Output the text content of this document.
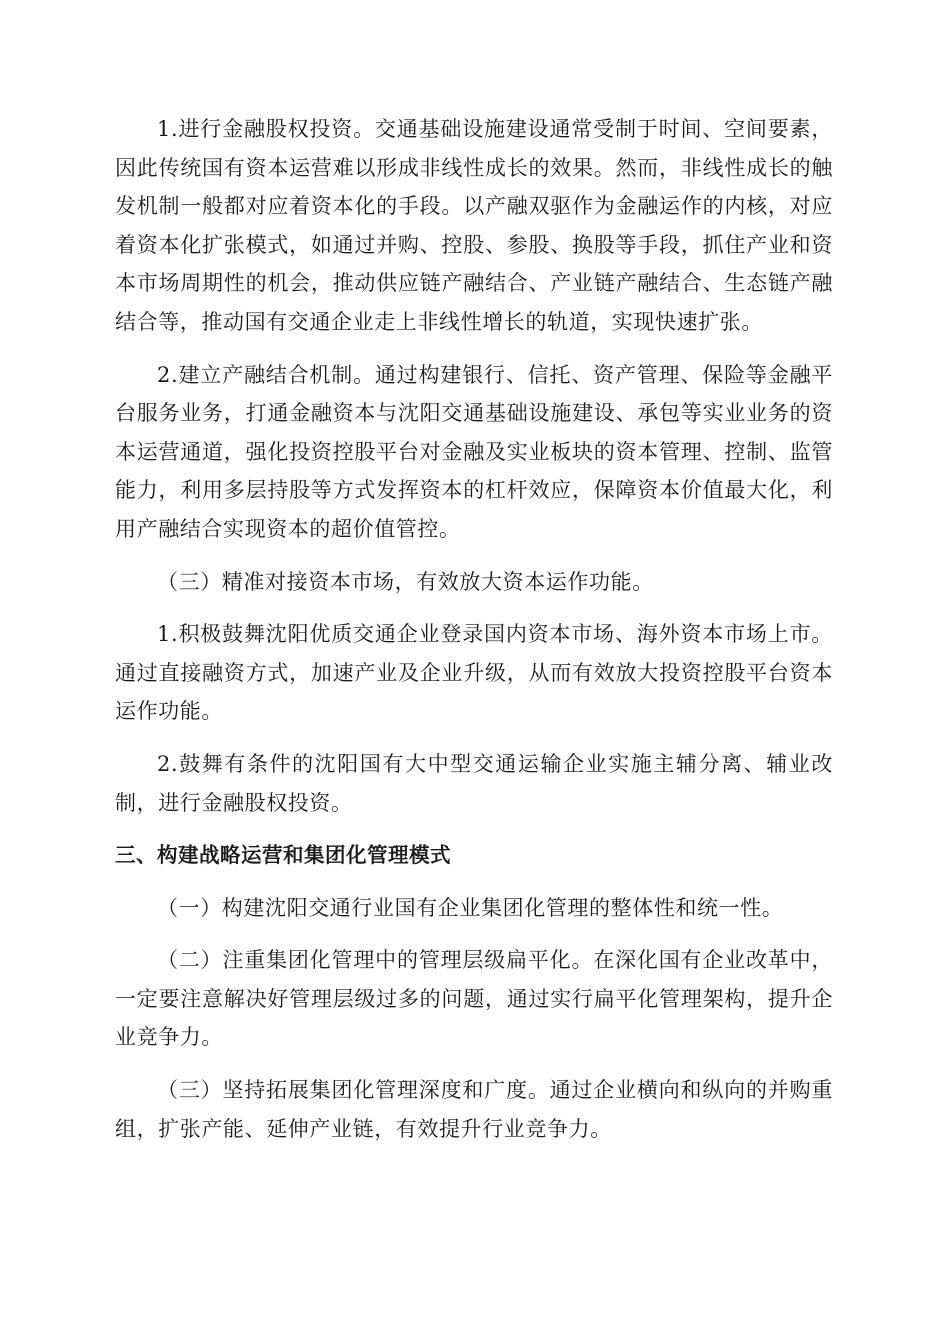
1.进行金融股权投资。交通基础设施建设通常受制于时间、空间要素，因此传统国有资本运营难以形成非线性成长的效果。然而，非线性成长的触发机制一般都对应着资本化的手段。以产融双驱作为金融运作的内核，对应着资本化扩张模式，如通过并购、控股、参股、换股等手段，抓住产业和资本市场周期性的机会，推动供应链产融结合、产业链产融结合、生态链产融结合等，推动国有交通企业走上非线性增长的轨道，实现快速扩张。

2.建立产融结合机制。通过构建银行、信托、资产管理、保险等金融平台服务业务，打通金融资本与沈阳交通基础设施建设、承包等实业业务的资本运营通道，强化投资控股平台对金融及实业板块的资本管理、控制、监管能力，利用多层持股等方式发挥资本的杠杆效应，保障资本价值最大化，利用产融结合实现资本的超价值管控。

（三）精准对接资本市场，有效放大资本运作功能。

1.积极鼓舞沈阳优质交通企业登录国内资本市场、海外资本市场上市。通过直接融资方式，加速产业及企业升级，从而有效放大投资控股平台资本运作功能。

2.鼓舞有条件的沈阳国有大中型交通运输企业实施主辅分离、辅业改制，进行金融股权投资。

三、构建战略运营和集团化管理模式

（一）构建沈阳交通行业国有企业集团化管理的整体性和统一性。

（二）注重集团化管理中的管理层级扁平化。在深化国有企业改革中，一定要注意解决好管理层级过多的问题，通过实行扁平化管理架构，提升企业竞争力。

（三）坚持拓展集团化管理深度和广度。通过企业横向和纵向的并购重组，扩张产能、延伸产业链，有效提升行业竞争力。
